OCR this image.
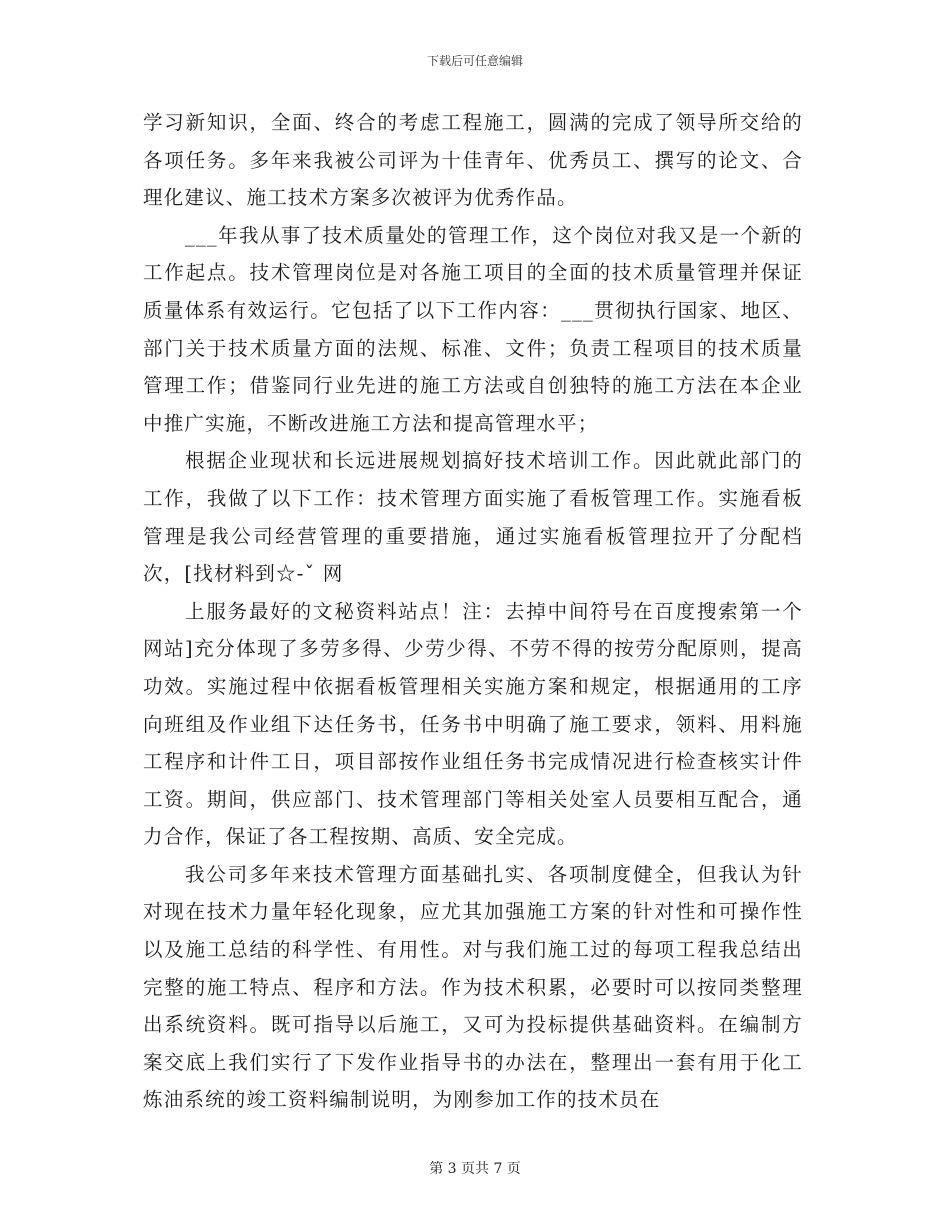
下载后可任意编辑

学习新知识，全面、终合的考虑工程施工，圆满的完成了领导所交给的各项任务。多年来我被公司评为十佳青年、优秀员工、撰写的论文、合理化建议、施工技术方案多次被评为优秀作品。

___年我从事了技术质量处的管理工作，这个岗位对我又是一个新的工作起点。技术管理岗位是对各施工项目的全面的技术质量管理并保证质量体系有效运行。它包括了以下工作内容：___贯彻执行国家、地区、部门关于技术质量方面的法规、标准、文件；负责工程项目的技术质量管理工作；借鉴同行业先进的施工方法或自创独特的施工方法在本企业中推广实施，不断改进施工方法和提高管理水平；

根据企业现状和长远进展规划搞好技术培训工作。因此就此部门的工作，我做了以下工作：技术管理方面实施了看板管理工作。实施看板管理是我公司经营管理的重要措施，通过实施看板管理拉开了分配档次，[找材料到☆-ˇ 网

上服务最好的文秘资料站点！注：去掉中间符号在百度搜索第一个网站]充分体现了多劳多得、少劳少得、不劳不得的按劳分配原则，提高功效。实施过程中依据看板管理相关实施方案和规定，根据通用的工序向班组及作业组下达任务书，任务书中明确了施工要求，领料、用料施工程序和计件工日，项目部按作业组任务书完成情况进行检查核实计件工资。期间，供应部门、技术管理部门等相关处室人员要相互配合，通力合作，保证了各工程按期、高质、安全完成。

我公司多年来技术管理方面基础扎实、各项制度健全，但我认为针对现在技术力量年轻化现象，应尤其加强施工方案的针对性和可操作性以及施工总结的科学性、有用性。对与我们施工过的每项工程我总结出完整的施工特点、程序和方法。作为技术积累，必要时可以按同类整理出系统资料。既可指导以后施工，又可为投标提供基础资料。在编制方案交底上我们实行了下发作业指导书的办法在，整理出一套有用于化工炼油系统的竣工资料编制说明，为刚参加工作的技术员在

第 3 页共 7 页
